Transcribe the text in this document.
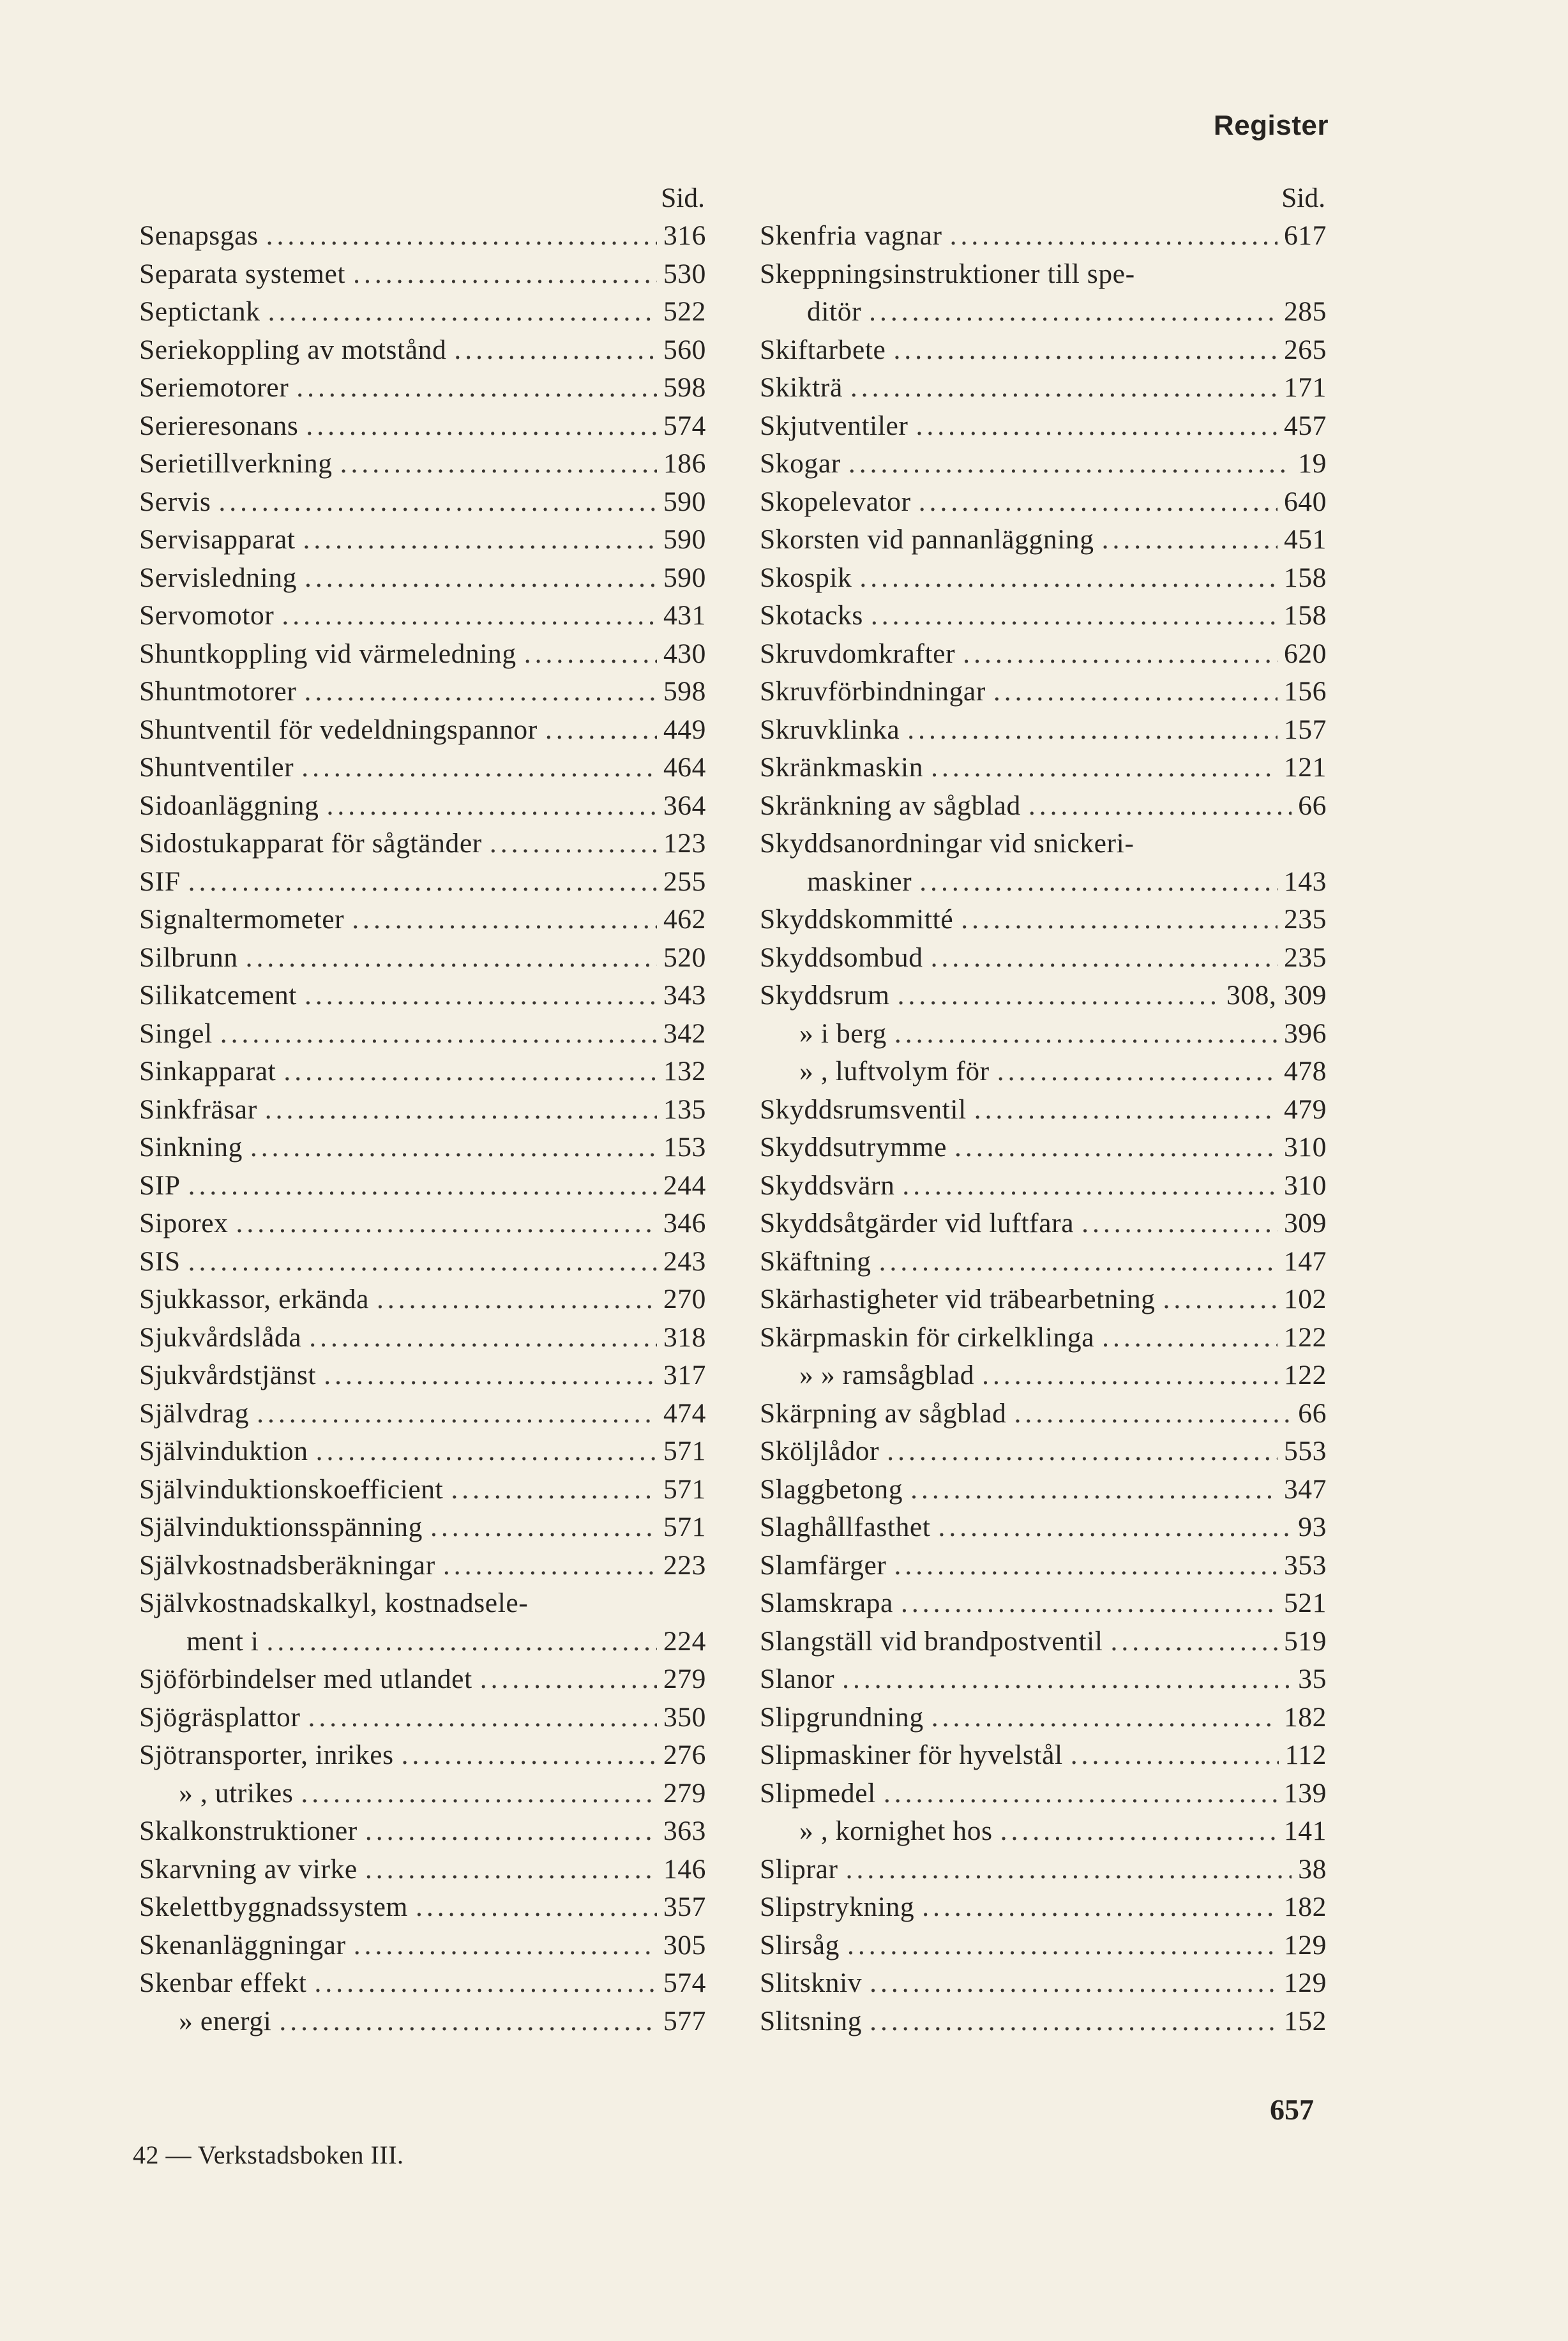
Register
Sid.
Senapsgas .....	316
Separata systemet .....	530
Septictank .....	522
Seriekoppling av motstånd .....	560
Seriemotorer .....	598
Serieresonans .....	574
Serietillverkning .....	186
Servis .....	590
Servisapparat .....	590
Servisledning .....	590
Servomotor .....	431
Shuntkoppling vid värmeledning .....	430
Shuntmotorer .....	598
Shuntventil för vedeldningspannor .....	449
Shuntventiler .....	464
Sidoanläggning .....	364
Sidostukapparat för sågtänder .....	123
SIF .....	255
Signaltermometer .....	462
Silbrunn .....	520
Silikatcement .....	343
Singel .....	342
Sinkapparat .....	132
Sinkfräsar .....	135
Sinkning .....	153
SIP .....	244
Siporex .....	346
SIS .....	243
Sjukkassor, erkända .....	270
Sjukvårdslåda .....	318
Sjukvårdstjänst .....	317
Självdrag .....	474
Självinduktion .....	571
Självinduktionskoefficient .....	571
Självinduktionsspänning .....	571
Självkostnadsberäkningar .....	223
Självkostnadskalkyl, kostnadsele-
ment i .....	224
Sjöförbindelser med utlandet .....	279
Sjögräsplattor .....	350
Sjötransporter, inrikes .....	276
» , utrikes .....	279
Skalkonstruktioner .....	363
Skarvning av virke .....	146
Skelettbyggnadssystem .....	357
Skenanläggningar .....	305
Skenbar effekt .....	574
» energi .....	577
Sid.
Skenfria vagnar .....	617
Skeppningsinstruktioner till spe-
ditör .....	285
Skiftarbete .....	265
Skikträ .....	171
Skjutventiler .....	457
Skogar .....	19
Skopelevator .....	640
Skorsten vid pannanläggning .....	451
Skospik .....	158
Skotacks .....	158
Skruvdomkrafter .....	620
Skruvförbindningar .....	156
Skruvklinka .....	157
Skränkmaskin .....	121
Skränkning av sågblad .....	66
Skyddsanordningar vid snickeri-
maskiner .....	143
Skyddskommitté .....	235
Skyddsombud .....	235
Skyddsrum .....	308, 309
» i berg .....	396
» , luftvolym för .....	478
Skyddsrumsventil .....	479
Skyddsutrymme .....	310
Skyddsvärn .....	310
Skyddsåtgärder vid luftfara .....	309
Skäftning .....	147
Skärhastigheter vid träbearbetning .....	102
Skärpmaskin för cirkelklinga .....	122
» » ramsågblad .....	122
Skärpning av sågblad .....	66
Sköljlådor .....	553
Slaggbetong .....	347
Slaghållfasthet .....	93
Slamfärger .....	353
Slamskrapa .....	521
Slangställ vid brandpostventil .....	519
Slanor .....	35
Slipgrundning .....	182
Slipmaskiner för hyvelstål .....	112
Slipmedel .....	139
» , kornighet hos .....	141
Sliprar .....	38
Slipstrykning .....	182
Slirsåg .....	129
Slitskniv .....	129
Slitsning .....	152
42 — Verkstadsboken III.
657
